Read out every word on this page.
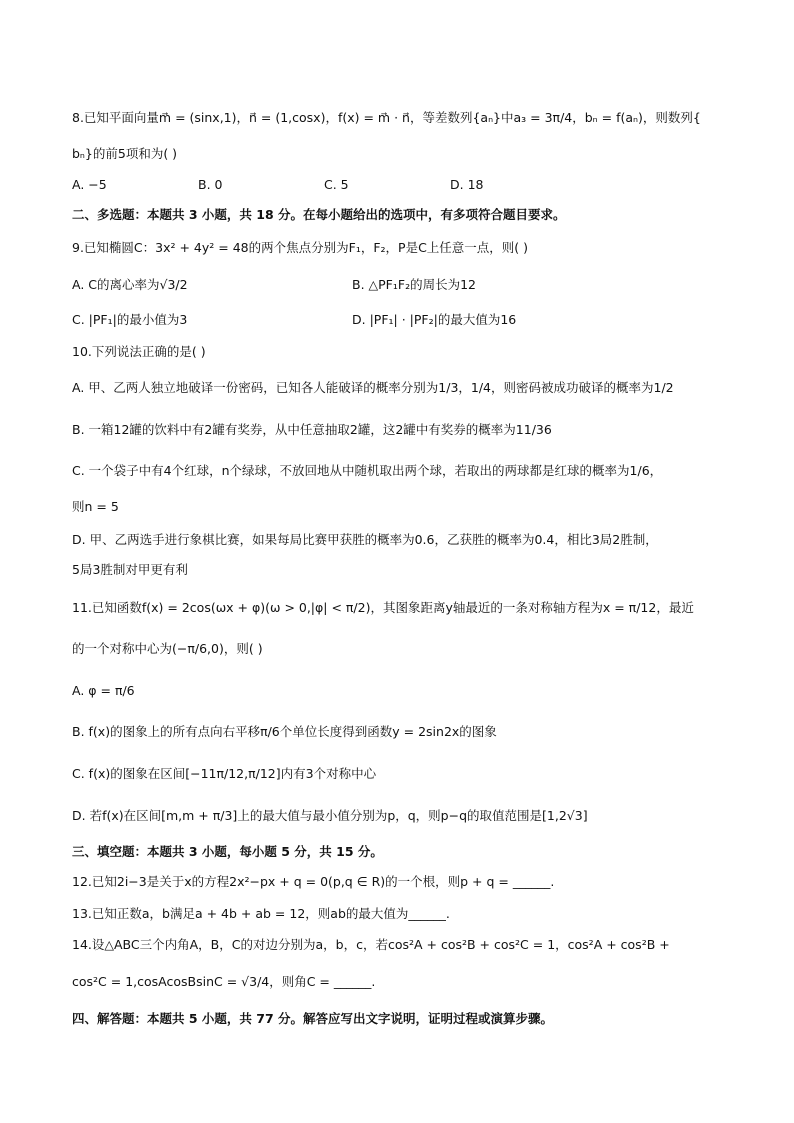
8.已知平面向量m⃗ = (sinx,1)，n⃗ = (1,cosx)，f(x) = m⃗ · n⃗，等差数列{aₙ}中a₃ = 3π/4，bₙ = f(aₙ)，则数列{
bₙ}的前5项和为( )
A. −5	B. 0	C. 5	D. 18
二、多选题：本题共 3 小题，共 18 分。在每小题给出的选项中，有多项符合题目要求。
9.已知椭圆C：3x² + 4y² = 48的两个焦点分别为F₁，F₂，P是C上任意一点，则( )
A. C的离心率为√3/2	B. △PF₁F₂的周长为12
C. |PF₁|的最小值为3	D. |PF₁| · |PF₂|的最大值为16
10.下列说法正确的是( )
A. 甲、乙两人独立地破译一份密码，已知各人能破译的概率分别为1/3，1/4，则密码被成功破译的概率为1/2
B. 一箱12罐的饮料中有2罐有奖券，从中任意抽取2罐，这2罐中有奖券的概率为11/36
C. 一个袋子中有4个红球，n个绿球，不放回地从中随机取出两个球，若取出的两球都是红球的概率为1/6，
则n = 5
D. 甲、乙两选手进行象棋比赛，如果每局比赛甲获胜的概率为0.6，乙获胜的概率为0.4，相比3局2胜制，
5局3胜制对甲更有利
11.已知函数f(x) = 2cos(ωx + φ)(ω > 0,|φ| < π/2)，其图象距离y轴最近的一条对称轴方程为x = π/12，最近
的一个对称中心为(−π/6,0)，则( )
A. φ = π/6
B. f(x)的图象上的所有点向右平移π/6个单位长度得到函数y = 2sin2x的图象
C. f(x)的图象在区间[−11π/12,π/12]内有3个对称中心
D. 若f(x)在区间[m,m + π/3]上的最大值与最小值分别为p，q，则p−q的取值范围是[1,2√3]
三、填空题：本题共 3 小题，每小题 5 分，共 15 分。
12.已知2i−3是关于x的方程2x²−px + q = 0(p,q ∈ R)的一个根，则p + q = ______.
13.已知正数a，b满足a + 4b + ab = 12，则ab的最大值为______.
14.设△ABC三个内角A，B，C的对边分别为a，b，c，若cos²A + cos²B + cos²C = 1，cos²A + cos²B +
cos²C = 1,cosAcosBsinC = √3/4，则角C = ______.
四、解答题：本题共 5 小题，共 77 分。解答应写出文字说明，证明过程或演算步骤。
